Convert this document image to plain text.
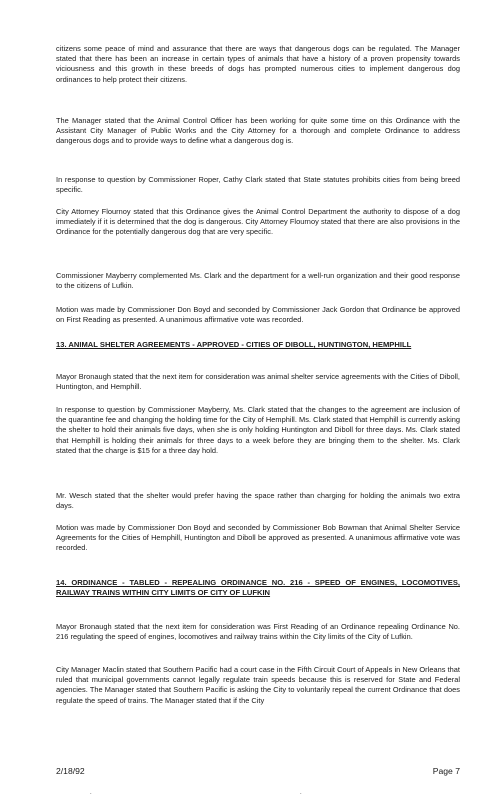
citizens some peace of mind and assurance that there are ways that dangerous dogs can be regulated. The Manager stated that there has been an increase in certain types of animals that have a history of a proven propensity towards viciousness and this growth in these breeds of dogs has prompted numerous cities to implement dangerous dog ordinances to help protect their citizens.

The Manager stated that the Animal Control Officer has been working for quite some time on this Ordinance with the Assistant City Manager of Public Works and the City Attorney for a thorough and complete Ordinance to address dangerous dogs and to provide ways to define what a dangerous dog is.

In response to question by Commissioner Roper, Cathy Clark stated that State statutes prohibits cities from being breed specific.

City Attorney Flournoy stated that this Ordinance gives the Animal Control Department the authority to dispose of a dog immediately if it is determined that the dog is dangerous. City Attorney Flournoy stated that there are also provisions in the Ordinance for the potentially dangerous dog that are very specific.

Commissioner Mayberry complemented Ms. Clark and the department for a well-run organization and their good response to the citizens of Lufkin.

Motion was made by Commissioner Don Boyd and seconded by Commissioner Jack Gordon that Ordinance be approved on First Reading as presented. A unanimous affirmative vote was recorded.

13. ANIMAL SHELTER AGREEMENTS - APPROVED - CITIES OF DIBOLL, HUNTINGTON, HEMPHILL

Mayor Bronaugh stated that the next item for consideration was animal shelter service agreements with the Cities of Diboll, Huntington, and Hemphill.

In response to question by Commissioner Mayberry, Ms. Clark stated that the changes to the agreement are inclusion of the quarantine fee and changing the holding time for the City of Hemphill. Ms. Clark stated that Hemphill is currently asking the shelter to hold their animals five days, when she is only holding Huntington and Diboll for three days. Ms. Clark stated that Hemphill is holding their animals for three days to a week before they are bringing them to the shelter. Ms. Clark stated that the charge is $15 for a three day hold.

Mr. Wesch stated that the shelter would prefer having the space rather than charging for holding the animals two extra days.

Motion was made by Commissioner Don Boyd and seconded by Commissioner Bob Bowman that Animal Shelter Service Agreements for the Cities of Hemphill, Huntington and Diboll be approved as presented. A unanimous affirmative vote was recorded.

14. ORDINANCE - TABLED - REPEALING ORDINANCE NO. 216 - SPEED OF ENGINES, LOCOMOTIVES, RAILWAY TRAINS WITHIN CITY LIMITS OF CITY OF LUFKIN

Mayor Bronaugh stated that the next item for consideration was First Reading of an Ordinance repealing Ordinance No. 216 regulating the speed of engines, locomotives and railway trains within the City limits of the City of Lufkin.

City Manager Maclin stated that Southern Pacific had a court case in the Fifth Circuit Court of Appeals in New Orleans that ruled that municipal governments cannot legally regulate train speeds because this is reserved for State and Federal agencies. The Manager stated that Southern Pacific is asking the City to voluntarily repeal the current Ordinance that does regulate the speed of trains. The Manager stated that if the City

2/18/92	Page 7
.	.
